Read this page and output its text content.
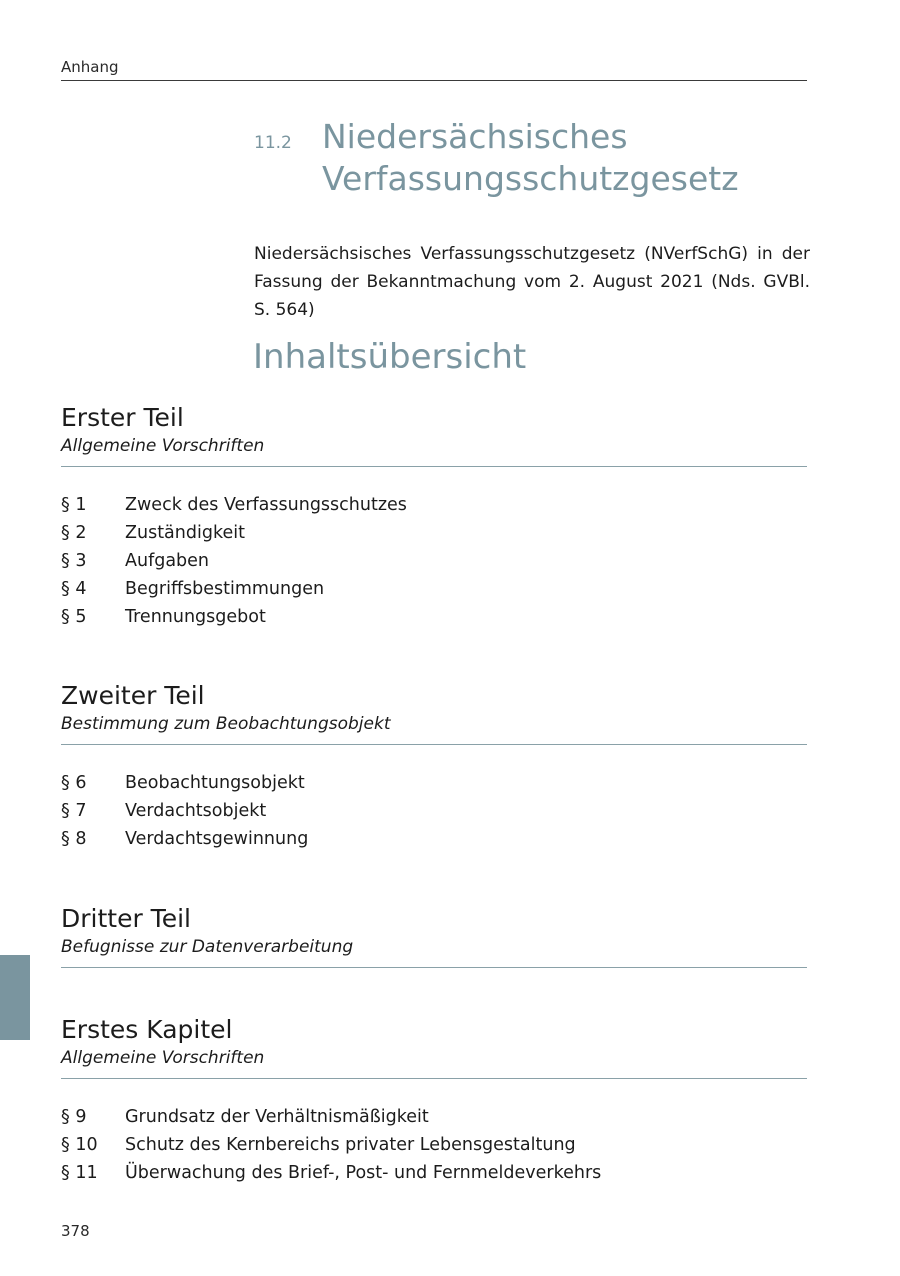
Anhang
11.2 Niedersächsisches
Verfassungsschutzgesetz

Niedersächsisches Verfassungsschutzgesetz (NVerfSchG) in der Fassung der Bekanntmachung vom 2. August 2021 (Nds. GVBl. S. 564)

Inhaltsübersicht
Erster Teil
Allgemeine Vorschriften
§ 1	Zweck des Verfassungsschutzes
§ 2	Zuständigkeit
§ 3	Aufgaben
§ 4	Begriffsbestimmungen
§ 5	Trennungsgebot
Zweiter Teil
Bestimmung zum Beobachtungsobjekt
§ 6	Beobachtungsobjekt
§ 7	Verdachtsobjekt
§ 8	Verdachtsgewinnung
Dritter Teil
Befugnisse zur Datenverarbeitung
Erstes Kapitel
Allgemeine Vorschriften
§ 9	Grundsatz der Verhältnismäßigkeit
§ 10	Schutz des Kernbereichs privater Lebensgestaltung
§ 11	Überwachung des Brief-, Post- und Fernmeldeverkehrs
378
